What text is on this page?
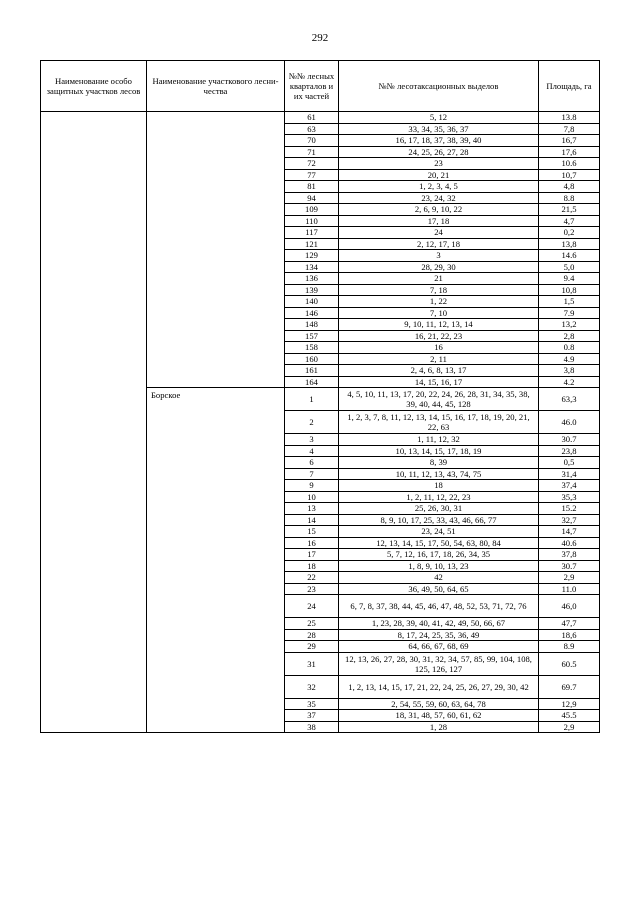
292
Наименование особо защитных участков лесов	Наименование участкового лесни-чества	№№ лесных кварталов и их частей	№№ лесотаксационных выделов	Площадь, га
		61	5, 12	13.8
		63	33, 34, 35, 36, 37	7,8
		70	16, 17, 18, 37, 38, 39, 40	16,7
		71	24, 25, 26, 27, 28	17,6
		72	23	10.6
		77	20, 21	10,7
		81	1, 2, 3, 4, 5	4,8
		94	23, 24, 32	8.8
		109	2, 6, 9, 10, 22	21,5
		110	17, 18	4,7
		117	24	0,2
		121	2, 12, 17, 18	13,8
		129	3	14.6
		134	28, 29, 30	5,0
		136	21	9.4
		139	7, 18	10,8
		140	1, 22	1,5
		146	7, 10	7.9
		148	9, 10, 11, 12, 13, 14	13,2
		157	16, 21, 22, 23	2,8
		158	16	0.8
		160	2, 11	4.9
		161	2, 4, 6, 8, 13, 17	3,8
		164	14, 15, 16, 17	4.2
	Борское	1	4, 5, 10, 11, 13, 17, 20, 22, 24, 26, 28, 31, 34, 35, 38, 39, 40, 44, 45, 128	63,3
		2	1, 2, 3, 7, 8, 11, 12, 13, 14, 15, 16, 17, 18, 19, 20, 21, 22, 63	46.0
		3	1, 11, 12, 32	30.7
		4	10, 13, 14, 15, 17, 18, 19	23,8
		6	8, 39	0,5
		7	10, 11, 12, 13, 43, 74, 75	31,4
		9	18	37,4
		10	1, 2, 11, 12, 22, 23	35,3
		13	25, 26, 30, 31	15.2
		14	8, 9, 10, 17, 25, 33, 43, 46, 66, 77	32,7
		15	23, 24, 51	14,7
		16	12, 13, 14, 15, 17, 50, 54, 63, 80, 84	40.6
		17	5, 7, 12, 16, 17, 18, 26, 34, 35	37,8
		18	1, 8, 9, 10, 13, 23	30.7
		22	42	2,9
		23	36, 49, 50, 64, 65	11.0
		24	6, 7, 8, 37, 38, 44, 45, 46, 47, 48, 52, 53, 71, 72, 76	46,0
		25	1, 23, 28, 39, 40, 41, 42, 49, 50, 66, 67	47,7
		28	8, 17, 24, 25, 35, 36, 49	18,6
		29	64, 66, 67, 68, 69	8.9
		31	12, 13, 26, 27, 28, 30, 31, 32, 34, 57, 85, 99, 104, 108, 125, 126, 127	60.5
		32	1, 2, 13, 14, 15, 17, 21, 22, 24, 25, 26, 27, 29, 30, 42	69.7
		35	2, 54, 55, 59, 60, 63, 64, 78	12,9
		37	18, 31, 48, 57, 60, 61, 62	45.5
		38	1, 28	2,9
